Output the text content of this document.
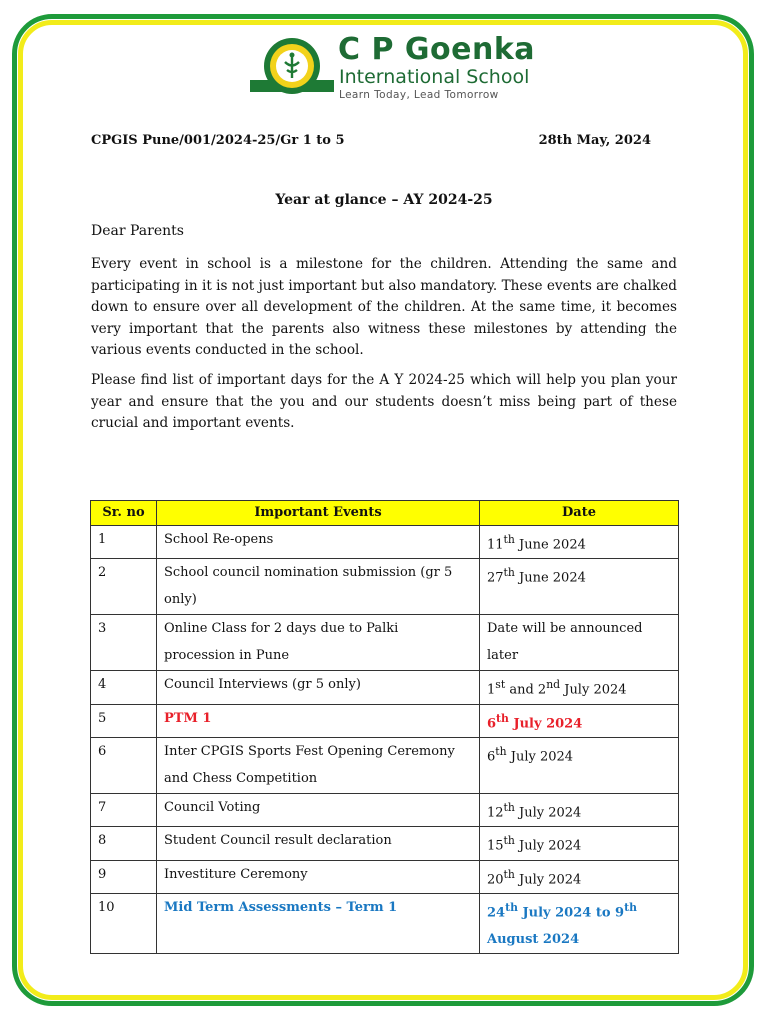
C P Goenka
International School
Learn Today, Lead Tomorrow
CPGIS Pune/001/2024-25/Gr 1 to 5	28th May, 2024
Year at glance – AY 2024-25
Dear Parents

Every event in school is a milestone for the children. Attending the same and participating in it is not just important but also mandatory. These events are chalked down to ensure over all development of the children. At the same time, it becomes very important that the parents also witness these milestones by attending the various events conducted in the school.

Please find list of important days for the A Y 2024-25 which will help you plan your year and ensure that the you and our students doesn’t miss being part of these crucial and important events.

Sr. no	Important Events	Date
1	School Re-opens	11th June 2024
2	School council nomination submission (gr 5 only)	27th June 2024
3	Online Class for 2 days due to Palki procession in Pune	Date will be announced later
4	Council Interviews (gr 5 only)	1st and 2nd July 2024
5	PTM 1	6th July 2024
6	Inter CPGIS Sports Fest Opening Ceremony and Chess Competition	6th July 2024
7	Council Voting	12th July 2024
8	Student Council result declaration	15th July 2024
9	Investiture Ceremony	20th July 2024
10	Mid Term Assessments – Term 1	24th July 2024 to 9th August 2024
